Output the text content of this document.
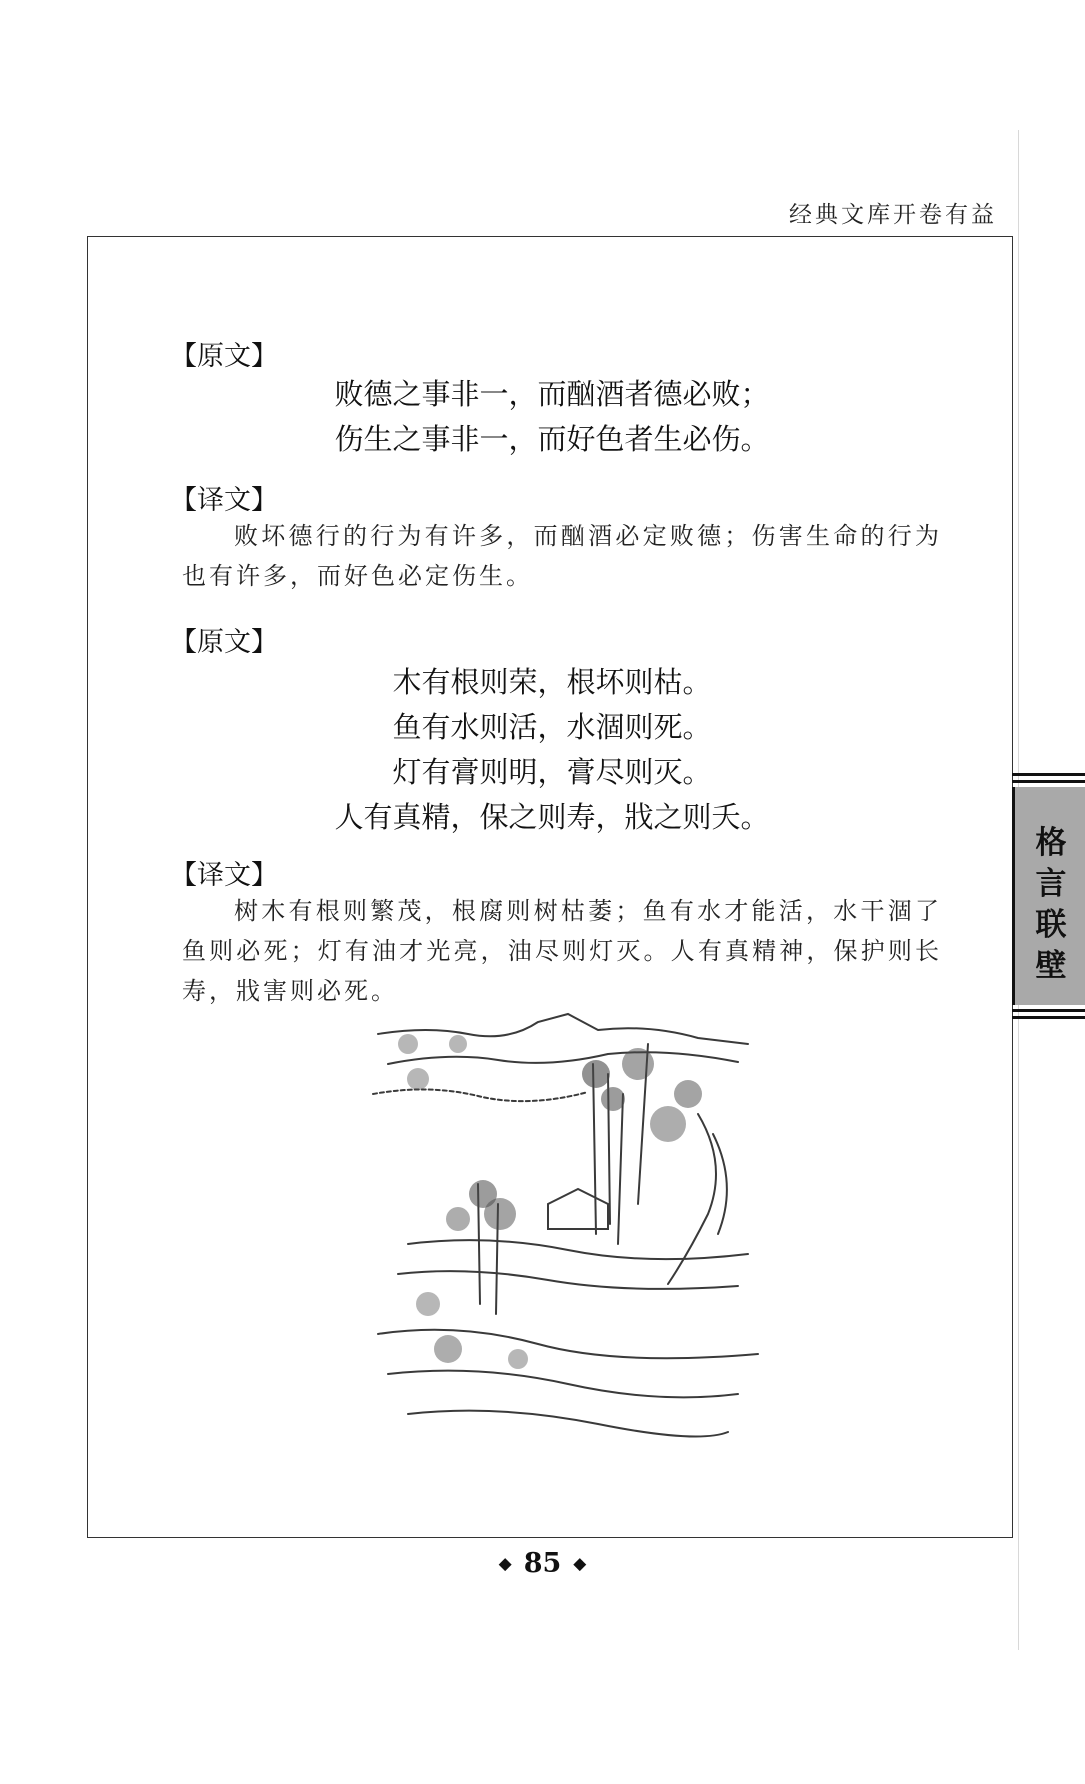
经典文库开卷有益
【原文】

败德之事非一，而酗酒者德必败；

伤生之事非一，而好色者生必伤。

【译文】
败坏德行的行为有许多，而酗酒必定败德；伤害生命的行为也有许多，而好色必定伤生。
【原文】

木有根则荣，根坏则枯。

鱼有水则活，水涸则死。

灯有膏则明，膏尽则灭。

人有真精，保之则寿，戕之则夭。

【译文】
树木有根则繁茂，根腐则树枯萎；鱼有水才能活，水干涸了鱼则必死；灯有油才光亮，油尽则灯灭。人有真精神，保护则长寿，戕害则必死。
◆ 85 ◆
格
言
联
壁
